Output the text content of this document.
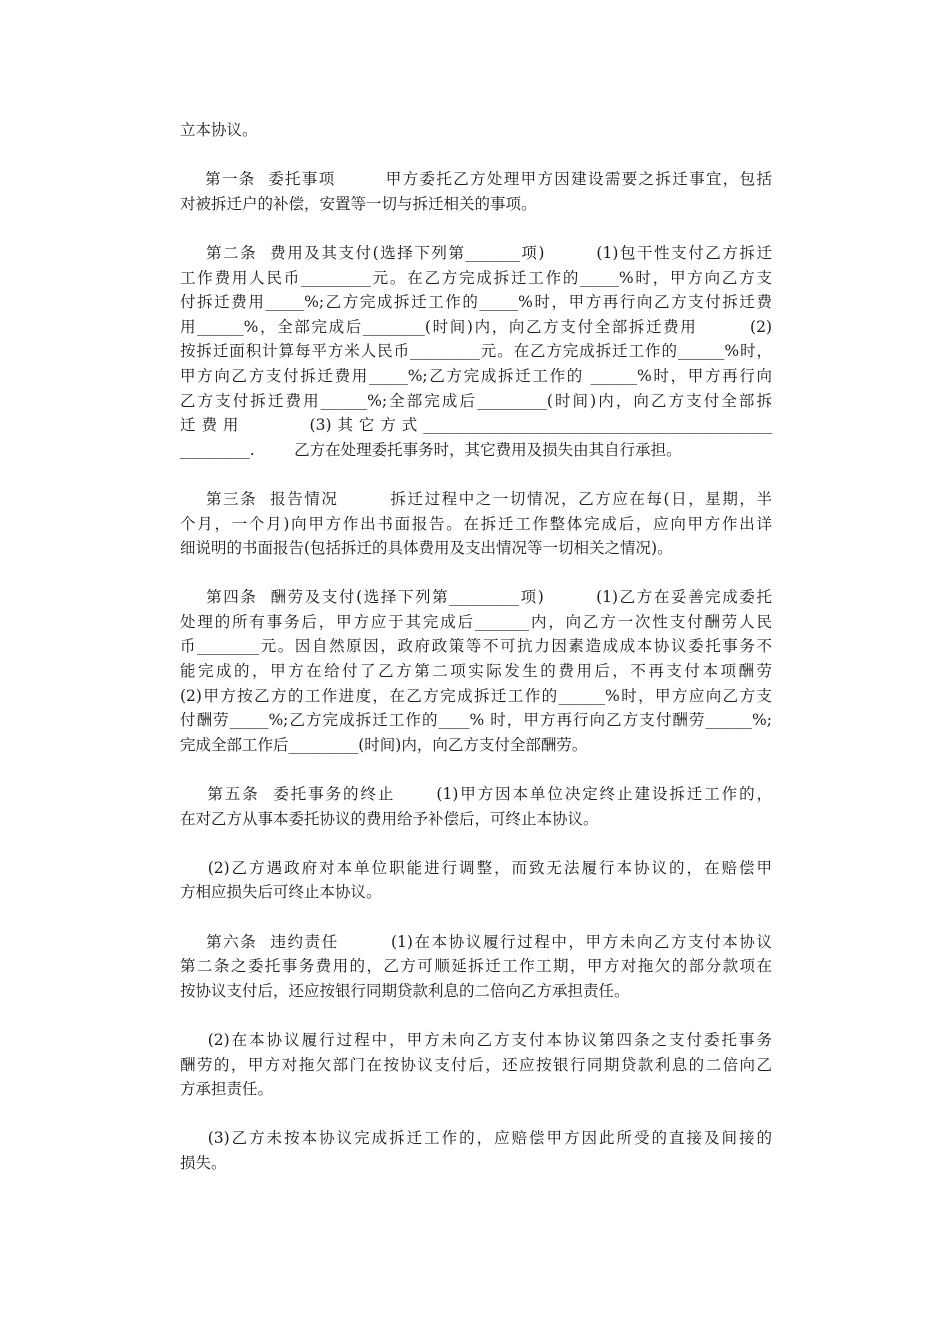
立本协议。
第一条  委托事项        甲方委托乙方处理甲方因建设需要之拆迁事宜，包括
对被拆迁户的补偿，安置等一切与拆迁相关的事项。
第二条  费用及其支付(选择下列第_______项)        (1)包干性支付乙方拆迁
工作费用人民币_________元。在乙方完成拆迁工作的_____%时，甲方向乙方支
付拆迁费用_____%;乙方完成拆迁工作的_____%时，甲方再行向乙方支付拆迁费
用______%，全部完成后________(时间)内，向乙方支付全部拆迁费用        (2)
按拆迁面积计算每平方米人民币_________元。在乙方完成拆迁工作的______%时，
甲方向乙方支付拆迁费用_____%;乙方完成拆迁工作的 ______%时，甲方再行向
乙方支付拆迁费用______%;全部完成后_________(时间)内，向乙方支付全部拆
迁费用      (3)其它方式_____________________________________________
_________.        乙方在处理委托事务时，其它费用及损失由其自行承担。
第三条  报告情况        拆迁过程中之一切情况，乙方应在每(日，星期，半
个月，一个月)向甲方作出书面报告。在拆迁工作整体完成后，应向甲方作出详
细说明的书面报告(包括拆迁的具体费用及支出情况等一切相关之情况)。
第四条  酬劳及支付(选择下列第_________项)        (1)乙方在妥善完成委托
处理的所有事务后，甲方应于其完成后_______内，向乙方一次性支付酬劳人民
币________元。因自然原因，政府政策等不可抗力因素造成成本协议委托事务不
能完成的，甲方在给付了乙方第二项实际发生的费用后，不再支付本项酬劳
(2)甲方按乙方的工作进度，在乙方完成拆迁工作的______%时，甲方应向乙方支
付酬劳_____%;乙方完成拆迁工作的____% 时，甲方再行向乙方支付酬劳______%;
完成全部工作后_________(时间)内，向乙方支付全部酬劳。
第五条  委托事务的终止      (1)甲方因本单位决定终止建设拆迁工作的，
在对乙方从事本委托协议的费用给予补偿后，可终止本协议。
(2)乙方遇政府对本单位职能进行调整，而致无法履行本协议的，在赔偿甲
方相应损失后可终止本协议。
第六条  违约责任        (1)在本协议履行过程中，甲方未向乙方支付本协议
第二条之委托事务费用的，乙方可顺延拆迁工作工期，甲方对拖欠的部分款项在
按协议支付后，还应按银行同期贷款利息的二倍向乙方承担责任。
(2)在本协议履行过程中，甲方未向乙方支付本协议第四条之支付委托事务
酬劳的，甲方对拖欠部门在按协议支付后，还应按银行同期贷款利息的二倍向乙
方承担责任。
(3)乙方未按本协议完成拆迁工作的，应赔偿甲方因此所受的直接及间接的
损失。
